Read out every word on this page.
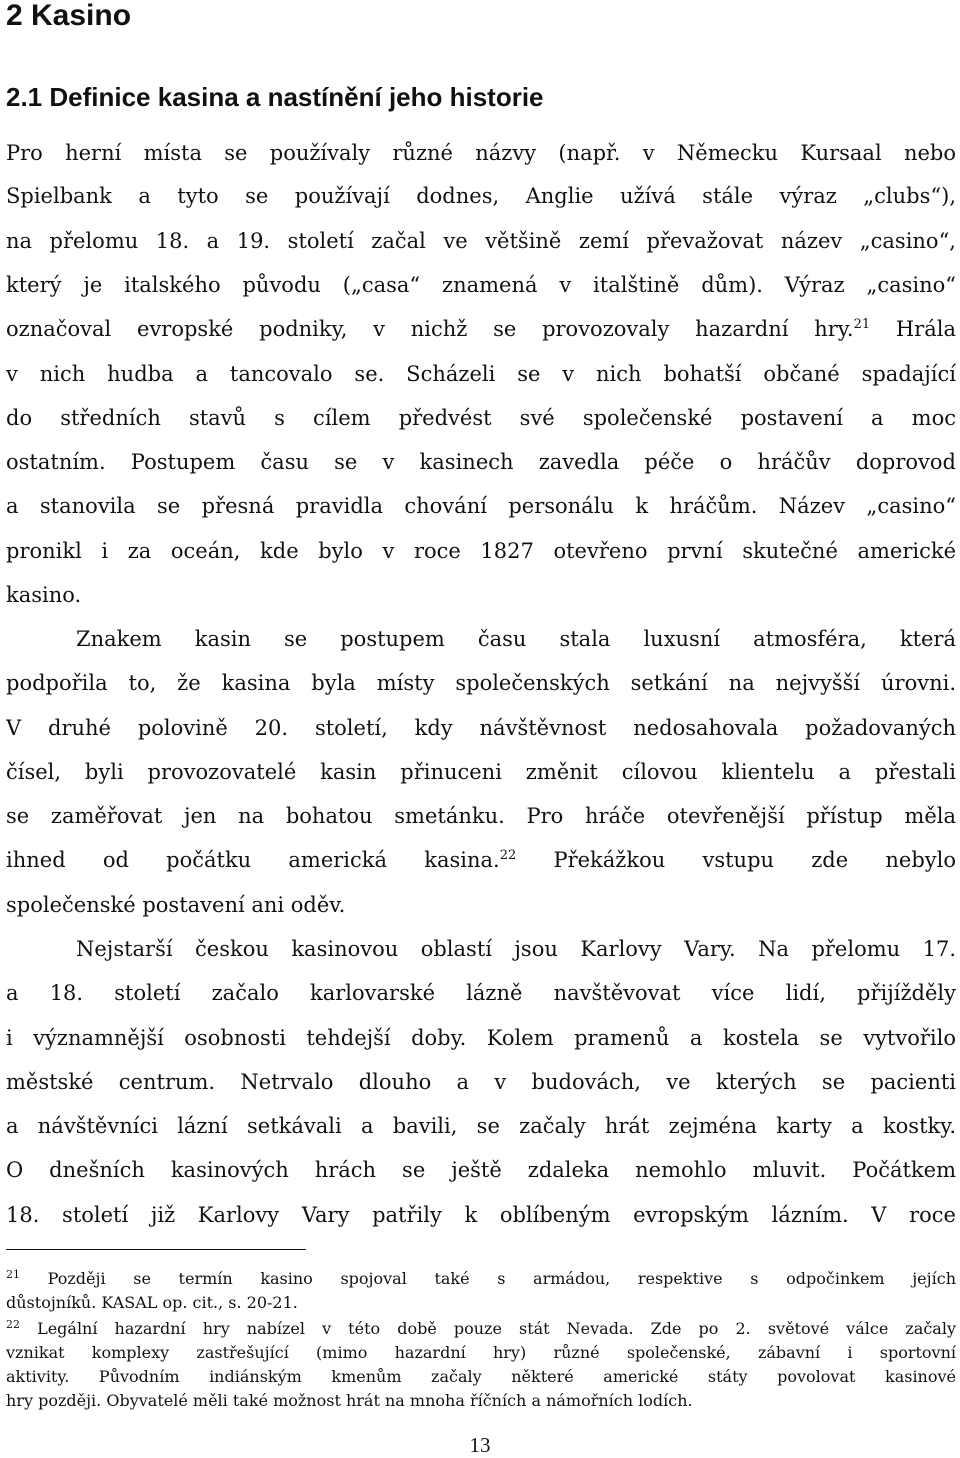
2 Kasino
2.1 Definice kasina a nastínění jeho historie
Pro herní místa se používaly různé názvy (např. v Německu Kursaal nebo
Spielbank a tyto se používají dodnes, Anglie užívá stále výraz „clubs“),
na přelomu 18. a 19. století začal ve většině zemí převažovat název „casino“,
který je italského původu („casa“ znamená v italštině dům). Výraz „casino“
označoval evropské podniky, v nichž se provozovaly hazardní hry.$^{21}$ Hrála
v nich hudba a tancovalo se. Scházeli se v nich bohatší občané spadající
do středních stavů s cílem předvést své společenské postavení a moc
ostatním. Postupem času se v kasinech zavedla péče o hráčův doprovod
a stanovila se přesná pravidla chování personálu k hráčům. Název „casino“
pronikl i za oceán, kde bylo v roce 1827 otevřeno první skutečné americké
kasino.
Znakem kasin se postupem času stala luxusní atmosféra, která
podpořila to, že kasina byla místy společenských setkání na nejvyšší úrovni.
V druhé polovině 20. století, kdy návštěvnost nedosahovala požadovaných
čísel, byli provozovatelé kasin přinuceni změnit cílovou klientelu a přestali
se zaměřovat jen na bohatou smetánku. Pro hráče otevřenější přístup měla
ihned od počátku americká kasina.$^{22}$ Překážkou vstupu zde nebylo
společenské postavení ani oděv.
Nejstarší českou kasinovou oblastí jsou Karlovy Vary. Na přelomu 17.
a 18. století začalo karlovarské lázně navštěvovat více lidí, přijížděly
i významnější osobnosti tehdejší doby. Kolem pramenů a kostela se vytvořilo
městské centrum. Netrvalo dlouho a v budovách, ve kterých se pacienti
a návštěvníci lázní setkávali a bavili, se začaly hrát zejména karty a kostky.
O dnešních kasinových hrách se ještě zdaleka nemohlo mluvit. Počátkem
18. století již Karlovy Vary patřily k oblíbeným evropským lázním. V roce
$^{21}$ Později se termín kasino spojoval také s armádou, respektive s odpočinkem jejích
důstojníků. KASAL op. cit., s. 20-21.
$^{22}$ Legální hazardní hry nabízel v této době pouze stát Nevada. Zde po 2. světové válce začaly
vznikat komplexy zastřešující (mimo hazardní hry) různé společenské, zábavní i sportovní
aktivity. Původním indiánským kmenům začaly některé americké státy povolovat kasinové
hry později. Obyvatelé měli také možnost hrát na mnoha říčních a námořních lodích.
13
